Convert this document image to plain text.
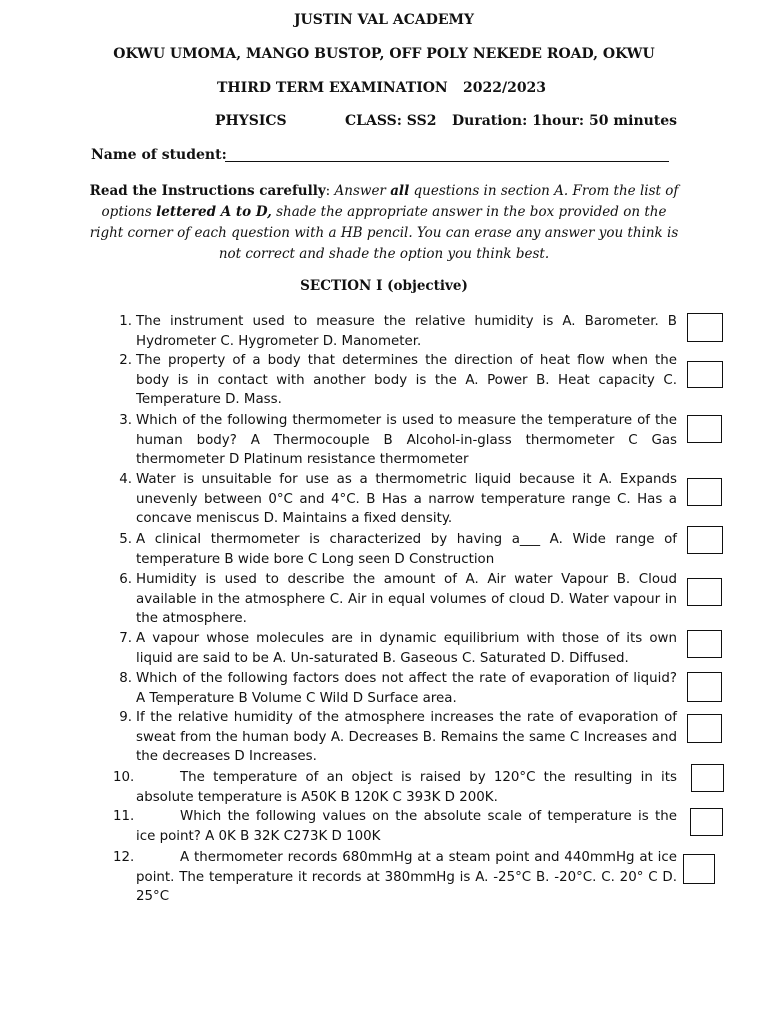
JUSTIN VAL ACADEMY
OKWU UMOMA, MANGO BUSTOP, OFF POLY NEKEDE ROAD, OKWU
THIRD TERM EXAMINATION 2022/2023
PHYSICS	CLASS: SS2 Duration: 1hour: 50 minutes
Name of student:
Read the Instructions carefully: Answer all questions in section A. From the list of options lettered A to D, shade the appropriate answer in the box provided on the right corner of each question with a HB pencil. You can erase any answer you think is not correct and shade the option you think best.
SECTION I (objective)
1. The instrument used to measure the relative humidity is A. Barometer. B Hydrometer C. Hygrometer D. Manometer.
2. The property of a body that determines the direction of heat flow when the body is in contact with another body is the A. Power B. Heat capacity C. Temperature D. Mass.
3. Which of the following thermometer is used to measure the temperature of the human body? A Thermocouple B Alcohol-in-glass thermometer C Gas thermometer D Platinum resistance thermometer
4. Water is unsuitable for use as a thermometric liquid because it A. Expands unevenly between 0°C and 4°C. B Has a narrow temperature range C. Has a concave meniscus D. Maintains a fixed density.
5. A clinical thermometer is characterized by having a___ A. Wide range of temperature B wide bore C Long seen D Construction
6. Humidity is used to describe the amount of A. Air water Vapour B. Cloud available in the atmosphere C. Air in equal volumes of cloud D. Water vapour in the atmosphere.
7. A vapour whose molecules are in dynamic equilibrium with those of its own liquid are said to be A. Un-saturated B. Gaseous C. Saturated D. Diffused.
8. Which of the following factors does not affect the rate of evaporation of liquid? A Temperature B Volume C Wild D Surface area.
9. If the relative humidity of the atmosphere increases the rate of evaporation of sweat from the human body A. Decreases B. Remains the same C Increases and the decreases D Increases.
10.	The temperature of an object is raised by 120°C the resulting in its absolute temperature is A50K B 120K C 393K D 200K.
11.	Which the following values on the absolute scale of temperature is the ice point? A 0K B 32K C273K D 100K
12.	A thermometer records 680mmHg at a steam point and 440mmHg at ice point. The temperature it records at 380mmHg is A. -25°C B. -20°C. C. 20° C D. 25°C
